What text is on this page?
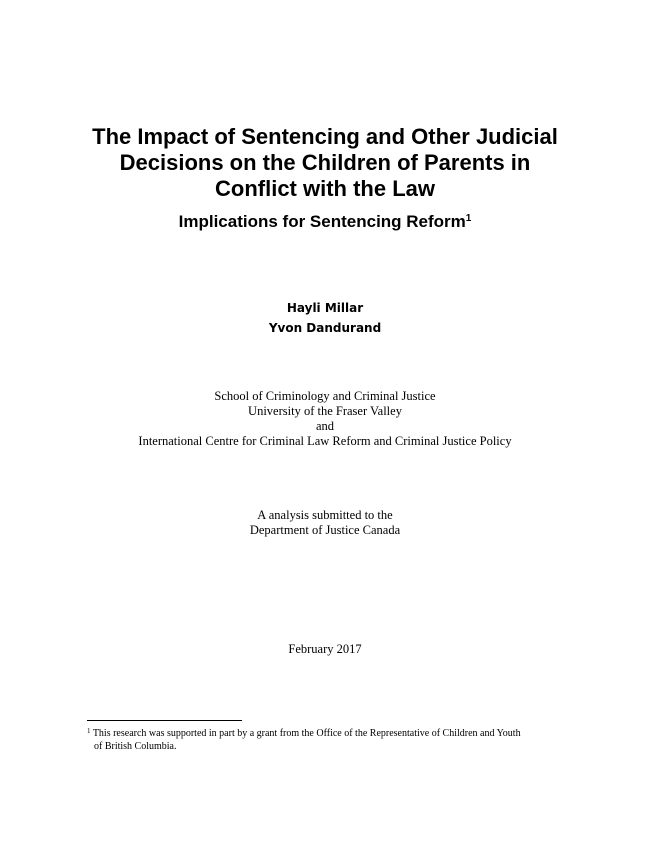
The Impact of Sentencing and Other Judicial
Decisions on the Children of Parents in
Conflict with the Law
Implications for Sentencing Reform$^1$
Hayli Millar
Yvon Dandurand
School of Criminology and Criminal Justice
University of the Fraser Valley
and
International Centre for Criminal Law Reform and Criminal Justice Policy
A analysis submitted to the
Department of Justice Canada
February 2017
$^1$ This research was supported in part by a grant from the Office of the Representative of Children and Youth
of British Columbia.
